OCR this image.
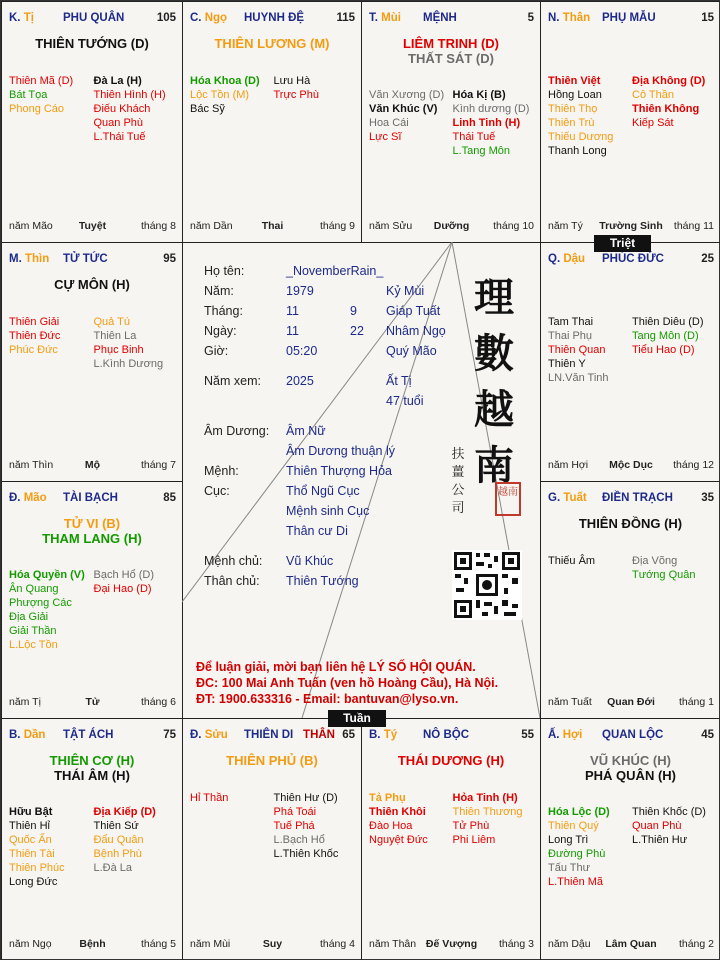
K. Tị	PHU QUÂN	105
THIÊN TƯỚNG (D)
Thiên Mã (D)
Bát Tọa
Phong Cáo
Đà La (H)
Thiên Hình (H)
Điếu Khách
Quan Phù
L.Thái Tuế
năm Mão	Tuyệt	tháng 8
C. Ngọ HUYNH ĐỆ	115
THIÊN LƯƠNG (M)
Hóa Khoa (D)
Lộc Tồn (M)
Bác Sỹ
Lưu Hà
Trực Phù
năm Dần	Thai	tháng 9
T. Mùi MỆNH	5
LIÊM TRINH (D)
THẤT SÁT (D)
Văn Xương (D)
Văn Khúc (V)
Hoa Cái
Lực Sĩ
Hóa Kị (B)
Kình dương (D)
Linh Tinh (H)
Thái Tuế
L.Tang Môn
năm Sửu	Dưỡng	tháng 10
N. Thân PHỤ MẪU	15
Thiên Việt
Hồng Loan
Thiên Thọ
Thiên Trù
Thiếu Dương
Thanh Long
Địa Không (D)
Cô Thần
Thiên Không
Kiếp Sát
năm Tý	Trường Sinh	tháng 11
M. Thìn TỬ TỨC	95
CỰ MÔN (H)
Thiên Giải
Thiên Đức
Phúc Đức
Quả Tú
Thiên La
Phục Binh
L.Kình Dương
năm Thìn	Mộ	tháng 7
Q. Dậu PHÚC ĐỨC	25
Tam Thai
Thai Phụ
Thiên Quan
Thiên Y
LN.Văn Tinh
Thiên Diêu (D)
Tang Môn (D)
Tiểu Hao (D)
năm Hợi	Mộc Dục	tháng 12
Đ. Mão TÀI BẠCH	85
TỬ VI (B)
THAM LANG (H)
Hóa Quyền (V)
Ân Quang
Phượng Các
Địa Giải
Giải Thần
L.Lộc Tồn
Bạch Hổ (D)
Đại Hao (D)
năm Tị	Tử	tháng 6
G. Tuất ĐIỀN TRẠCH 35
THIÊN ĐỒNG (H)
Thiếu Âm	Địa Võng
Tướng Quân
năm Tuất	Quan Đới	tháng 1
B. Dần TẬT ÁCH	75
THIÊN CƠ (H)
THÁI ÂM (H)
Hữu Bật
Thiên Hỉ
Quốc Ấn
Thiên Tài
Thiên Phúc
Long Đức
Địa Kiếp (D)
Thiên Sứ
Đẩu Quân
Bệnh Phù
L.Đà La
năm Ngọ	Bệnh	tháng 5
Đ. Sửu THIÊN DI THÂN 65
THIÊN PHỦ (B)
Hỉ Thần	Thiên Hư (D)
Phá Toái
Tuế Phá
L.Bạch Hổ
L.Thiên Khốc
năm Mùi	Suy	tháng 4
B. Tý NÔ BỘC	55
THÁI DƯƠNG (H)
Tả Phụ
Thiên Khôi
Đào Hoa
Nguyệt Đức
Hỏa Tinh (H)
Thiên Thương
Tử Phù
Phi Liêm
năm Thân Đế Vượng	tháng 3
Ấ. Hợi QUAN LỘC	45
VŨ KHÚC (H)
PHÁ QUÂN (H)
Hóa Lộc (D)
Thiên Quý
Long Trì
Đường Phù
Tấu Thư
L.Thiên Mã
Thiên Khốc (D)
Quan Phù
L.Thiên Hư
năm Dậu	Lâm Quan	tháng 2
Họ tên:	_NovemberRain_
Năm:	1979	Kỷ Mùi
Tháng:	11	9 Giáp Tuất
Ngày:	11	22 Nhâm Ngọ
Giờ:	05:20	Quý Mão
Năm xem: 2025	Ất Tị
47 tuổi
Âm Dương: Âm Nữ
Âm Dương thuận lý
Mệnh:	Thiên Thượng Hỏa
Cục:	Thổ Ngũ Cục
Mệnh sinh Cục
Thân cư Di
Mệnh chủ: Vũ Khúc
Thân chủ: Thiên Tướng
理
數
越
南
扶
薑
公
司
越南
Để luận giải, mời bạn liên hệ LÝ SỐ HỘI QUÁN.
ĐC: 100 Mai Anh Tuấn (ven hồ Hoàng Cầu), Hà Nội.
ĐT: 1900.633316 - Email: bantuvan@lyso.vn.
Triệt
Tuần
